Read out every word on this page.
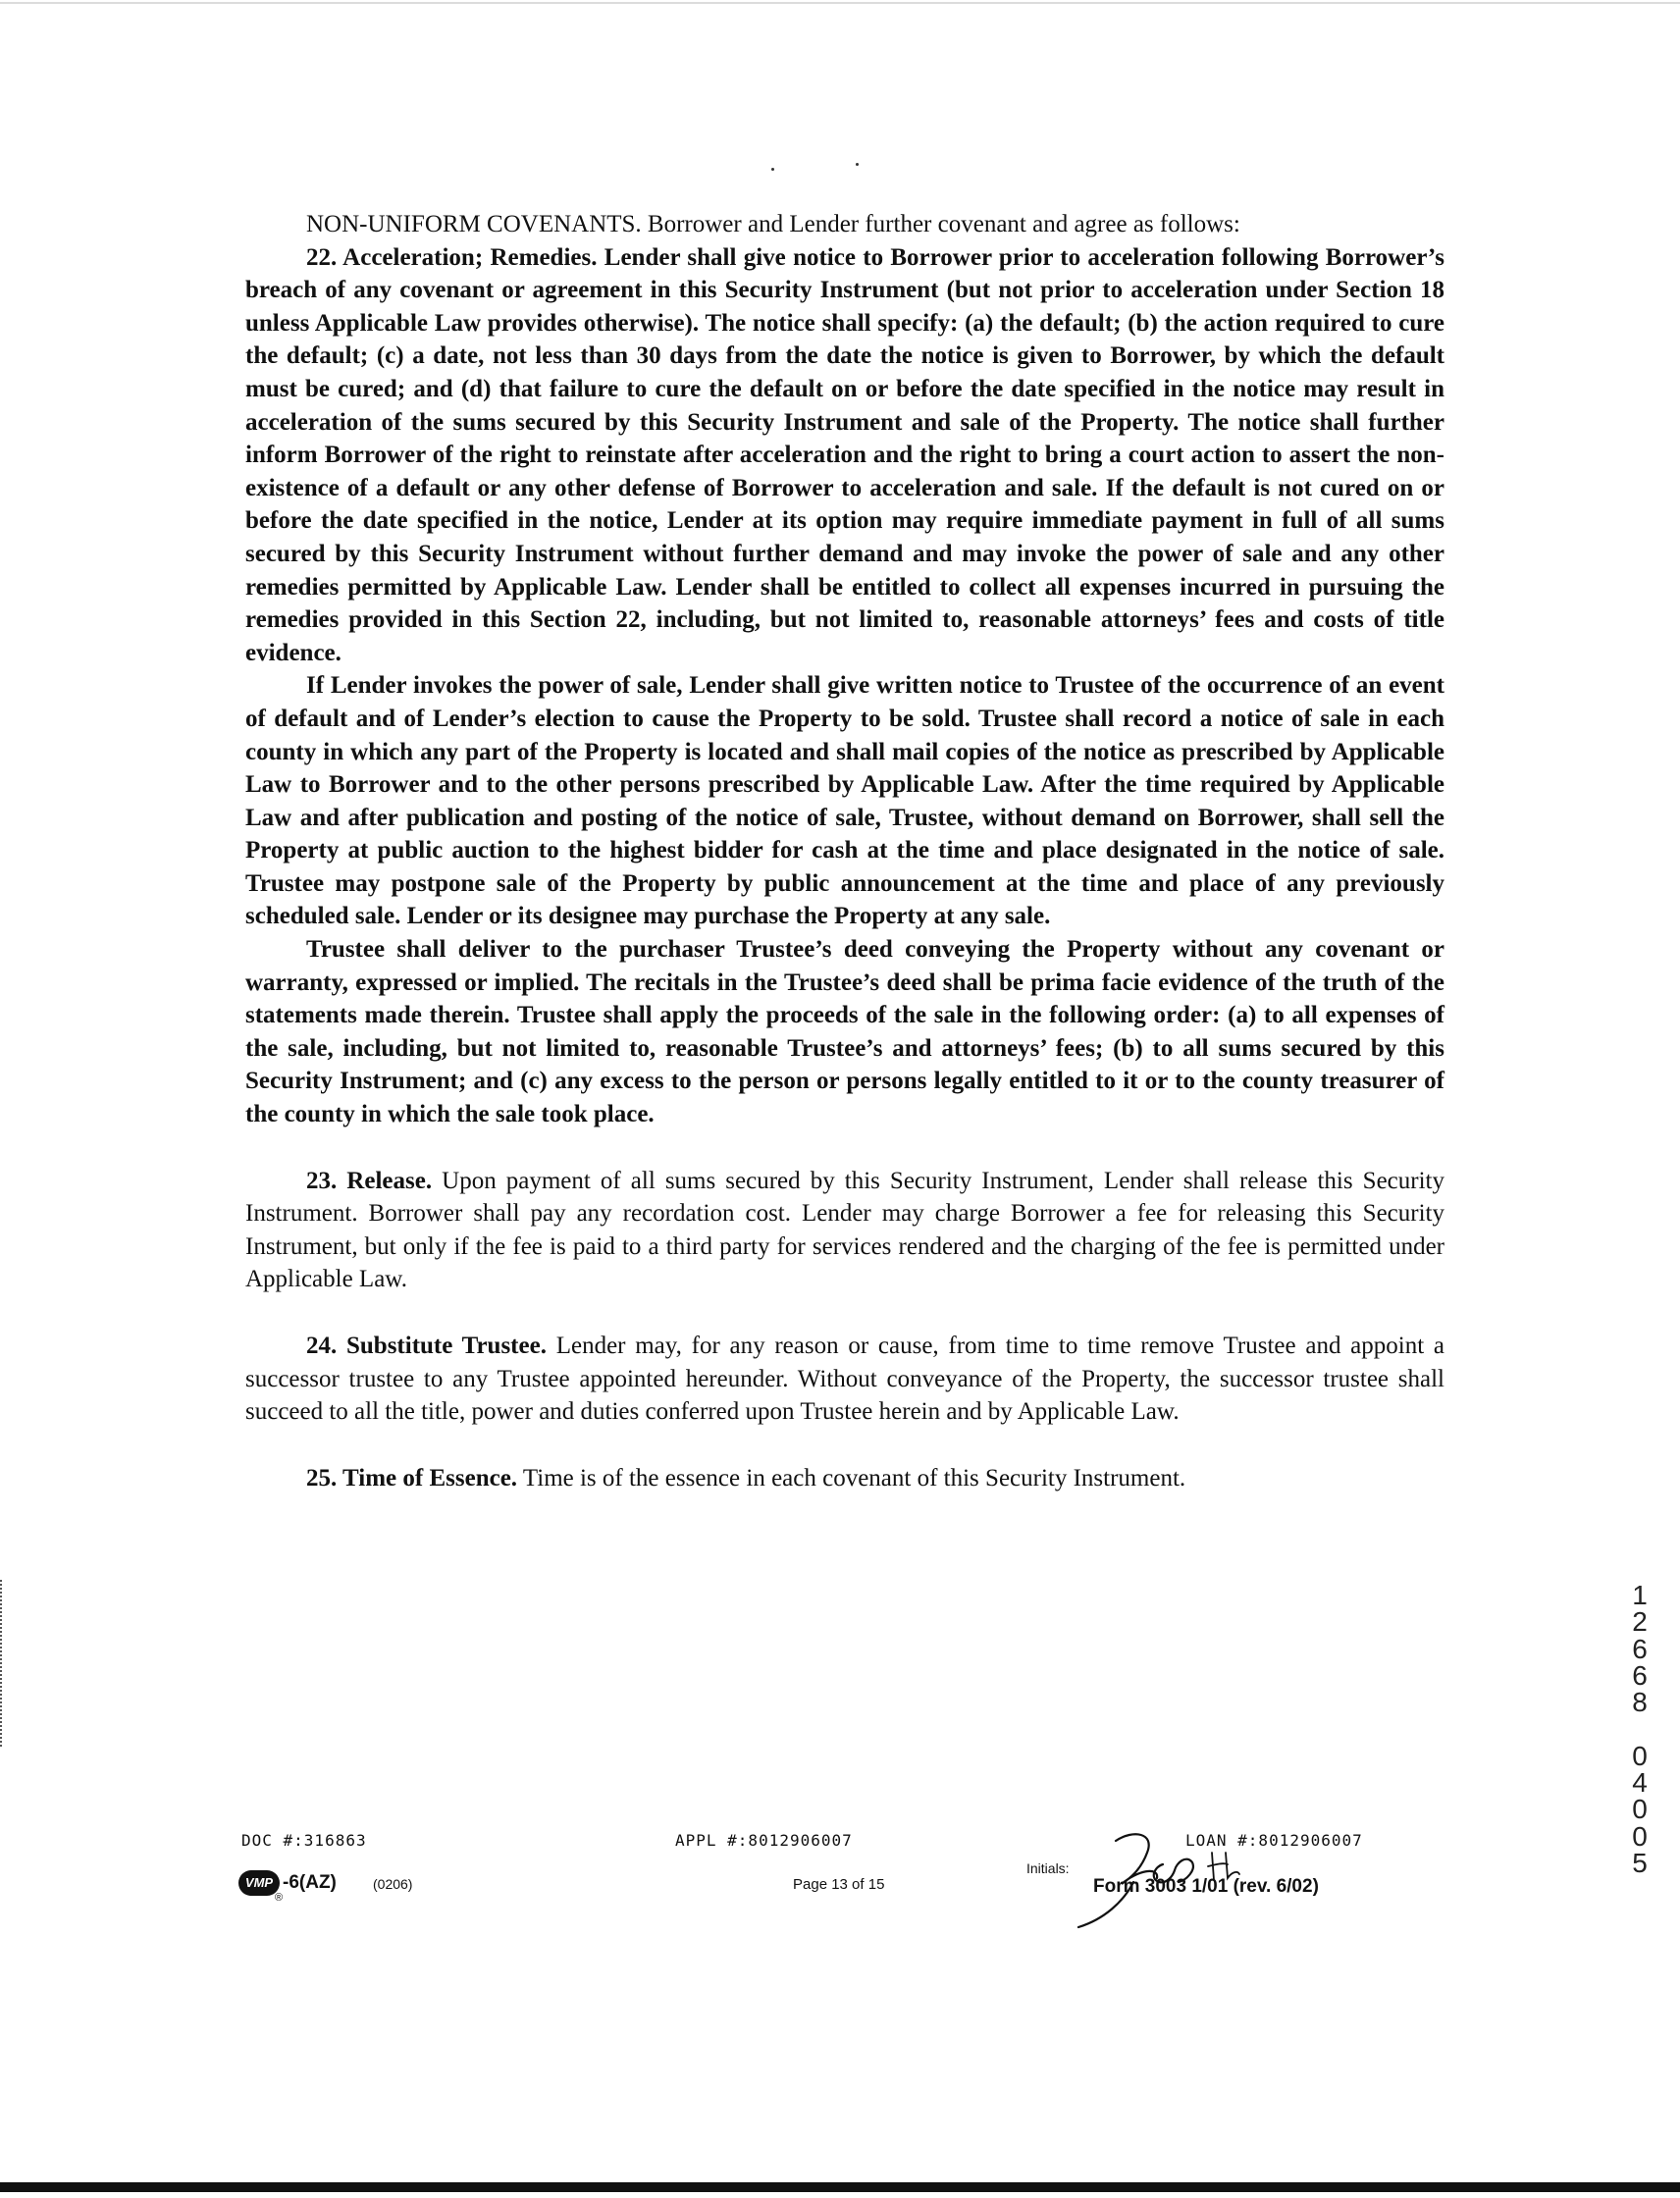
NON-UNIFORM COVENANTS. Borrower and Lender further covenant and agree as follows:

22. Acceleration; Remedies. Lender shall give notice to Borrower prior to acceleration following Borrower’s breach of any covenant or agreement in this Security Instrument (but not prior to acceleration under Section 18 unless Applicable Law provides otherwise). The notice shall specify: (a) the default; (b) the action required to cure the default; (c) a date, not less than 30 days from the date the notice is given to Borrower, by which the default must be cured; and (d) that failure to cure the default on or before the date specified in the notice may result in acceleration of the sums secured by this Security Instrument and sale of the Property. The notice shall further inform Borrower of the right to reinstate after acceleration and the right to bring a court action to assert the non-existence of a default or any other defense of Borrower to acceleration and sale. If the default is not cured on or before the date specified in the notice, Lender at its option may require immediate payment in full of all sums secured by this Security Instrument without further demand and may invoke the power of sale and any other remedies permitted by Applicable Law. Lender shall be entitled to collect all expenses incurred in pursuing the remedies provided in this Section 22, including, but not limited to, reasonable attorneys’ fees and costs of title evidence.

If Lender invokes the power of sale, Lender shall give written notice to Trustee of the occurrence of an event of default and of Lender’s election to cause the Property to be sold. Trustee shall record a notice of sale in each county in which any part of the Property is located and shall mail copies of the notice as prescribed by Applicable Law to Borrower and to the other persons prescribed by Applicable Law. After the time required by Applicable Law and after publication and posting of the notice of sale, Trustee, without demand on Borrower, shall sell the Property at public auction to the highest bidder for cash at the time and place designated in the notice of sale. Trustee may postpone sale of the Property by public announcement at the time and place of any previously scheduled sale. Lender or its designee may purchase the Property at any sale.

Trustee shall deliver to the purchaser Trustee’s deed conveying the Property without any covenant or warranty, expressed or implied. The recitals in the Trustee’s deed shall be prima facie evidence of the truth of the statements made therein. Trustee shall apply the proceeds of the sale in the following order: (a) to all expenses of the sale, including, but not limited to, reasonable Trustee’s and attorneys’ fees; (b) to all sums secured by this Security Instrument; and (c) any excess to the person or persons legally entitled to it or to the county treasurer of the county in which the sale took place.

23. Release. Upon payment of all sums secured by this Security Instrument, Lender shall release this Security Instrument. Borrower shall pay any recordation cost. Lender may charge Borrower a fee for releasing this Security Instrument, but only if the fee is paid to a third party for services rendered and the charging of the fee is permitted under Applicable Law.

24. Substitute Trustee. Lender may, for any reason or cause, from time to time remove Trustee and appoint a successor trustee to any Trustee appointed hereunder. Without conveyance of the Property, the successor trustee shall succeed to all the title, power and duties conferred upon Trustee herein and by Applicable Law.

25. Time of Essence. Time is of the essence in each covenant of this Security Instrument.

DOC #:316863	APPL #:8012906007	LOAN #:8012906007
VMP
®
-6(AZ)	(0206)	Page 13 of 15
Initials:
Form 3003 1/01 (rev. 6/02)
1
2
6
6
8

0
4
0
0
5
